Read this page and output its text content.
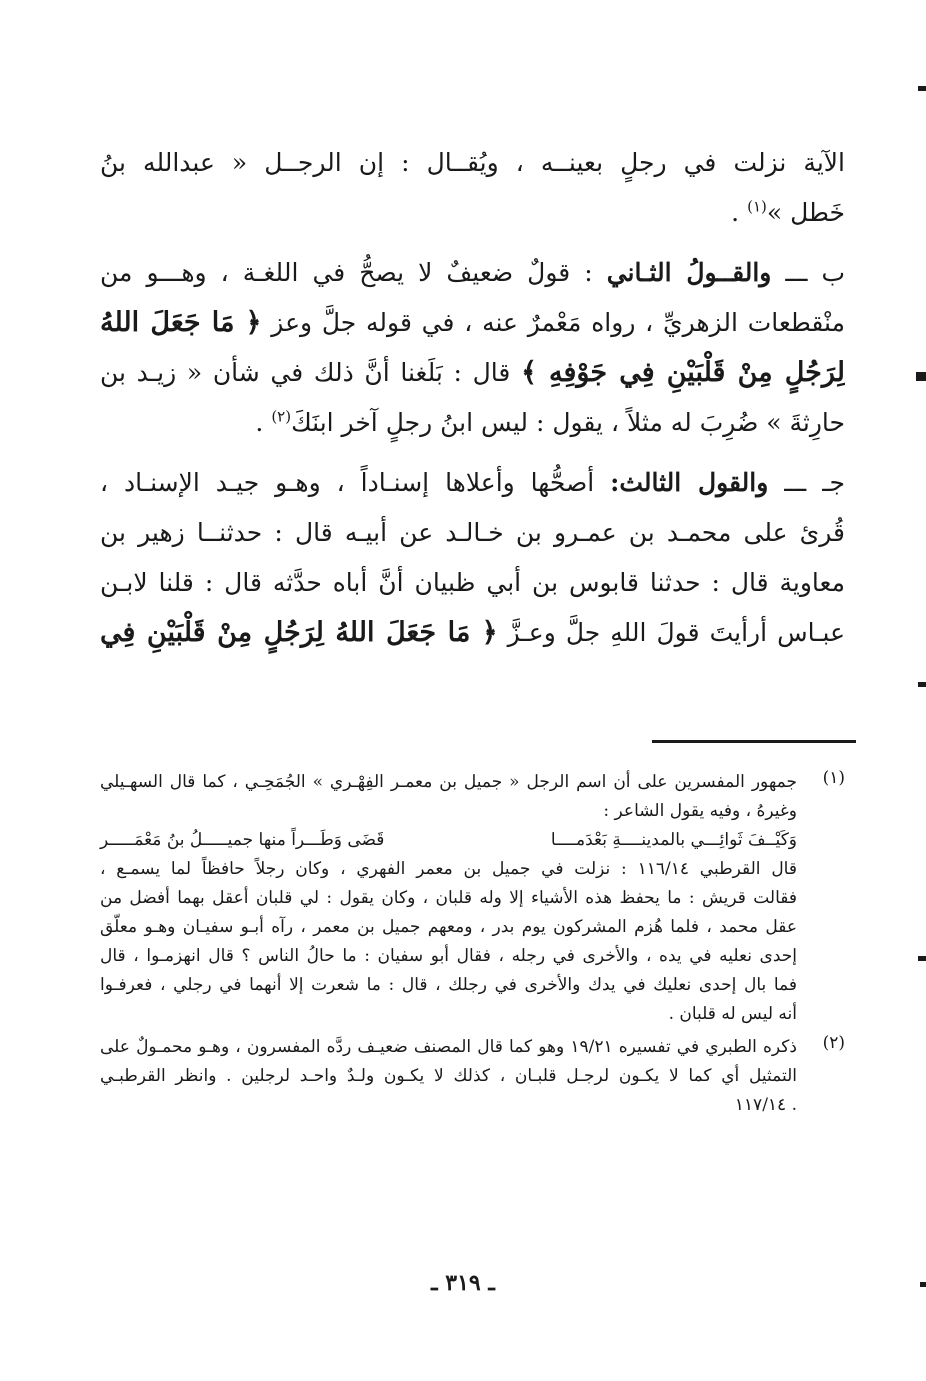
الآية نزلت في رجلٍ بعينــه ، ويُقــال : إن الرجــل « عبدالله بنُ
خَطل »$^{(١)}$ .
ب ـــ والقــولُ الثـاني : قولٌ ضعيفٌ لا يصحُّ في اللغـة ، وهـــو من
منْقطعات الزهريِّ ، رواه مَعْمرٌ عنه ، في قوله جلَّ وعز ﴿ مَا جَعَلَ اللهُ
لِرَجُلٍ مِنْ قَلْبَيْنِ فِي جَوْفِهِ ﴾ قال : بَلَغنا أنَّ ذلك في شأن « زيـد بن
حارِثةَ » ضُرِبَ له مثلاً ، يقول : ليس ابنُ رجلٍ آخر ابنَكَ$^{(٢)}$ .
جـ ـــ والقول الثالث: أصحُّها وأعلاها إسنـاداً ، وهـو جيـد الإسنـاد ،
قُرئ على محمـد بن عمـرو بن خـالـد عن أبيـه قال : حدثنــا زهير بن
معاوية قال : حدثنا قابوس بن أبي ظبيان أنَّ أباه حدَّثه قال : قلنا لابـن
عبـاس أرأيتَ قولَ اللهِ جلَّ وعـزَّ ﴿ مَا جَعَلَ اللهُ لِرَجُلٍ مِنْ قَلْبَيْنِ فِي
(١)
جمهور المفسرين على أن اسم الرجل « جميل بن معمـر الفِهْـري » الجُمَحِـي ، كما قال السهـيلي
وغيرهُ ، وفيه يقول الشاعر :
وَكَيْــفَ ثَوائِـــي بالمدينــــةِ بَعْدَمــــا
قَضَى وَطَـــراً منها جميـــــلُ بنُ مَعْمَـــــر
قال القرطبي ١١٦/١٤ : نزلت في جميل بن معمر الفهري ، وكان رجلاً حافظاً لما يسمـع ،
فقالت قريش : ما يحفظ هذه الأشياء إلا وله قلبان ، وكان يقول : لي قلبان أعقل بهما أفضل من
عقل محمد ، فلما هُزم المشركون يوم بدر ، ومعهم جميل بن معمر ، رآه أبـو سفيـان وهـو معلّق
إحدى نعليه في يده ، والأخرى في رجله ، فقال أبو سفيان : ما حالُ الناس ؟ قال انهزمـوا ، قال
فما بال إحدى نعليك في يدك والأخرى في رجلك ، قال : ما شعرت إلا أنهما في رجلي ، فعرفـوا
أنه ليس له قلبان .
(٢)
ذكره الطبري في تفسيره ١٩/٢١ وهو كما قال المصنف ضعيـف ردَّه المفسرون ، وهـو محمـولٌ على
التمثيل أي كما لا يكـون لرجـل قلبـان ، كذلك لا يكـون ولـدٌ واحـد لرجلين . وانظر القرطبـي
. ١١٧/١٤
ـ ٣١٩ ـ
